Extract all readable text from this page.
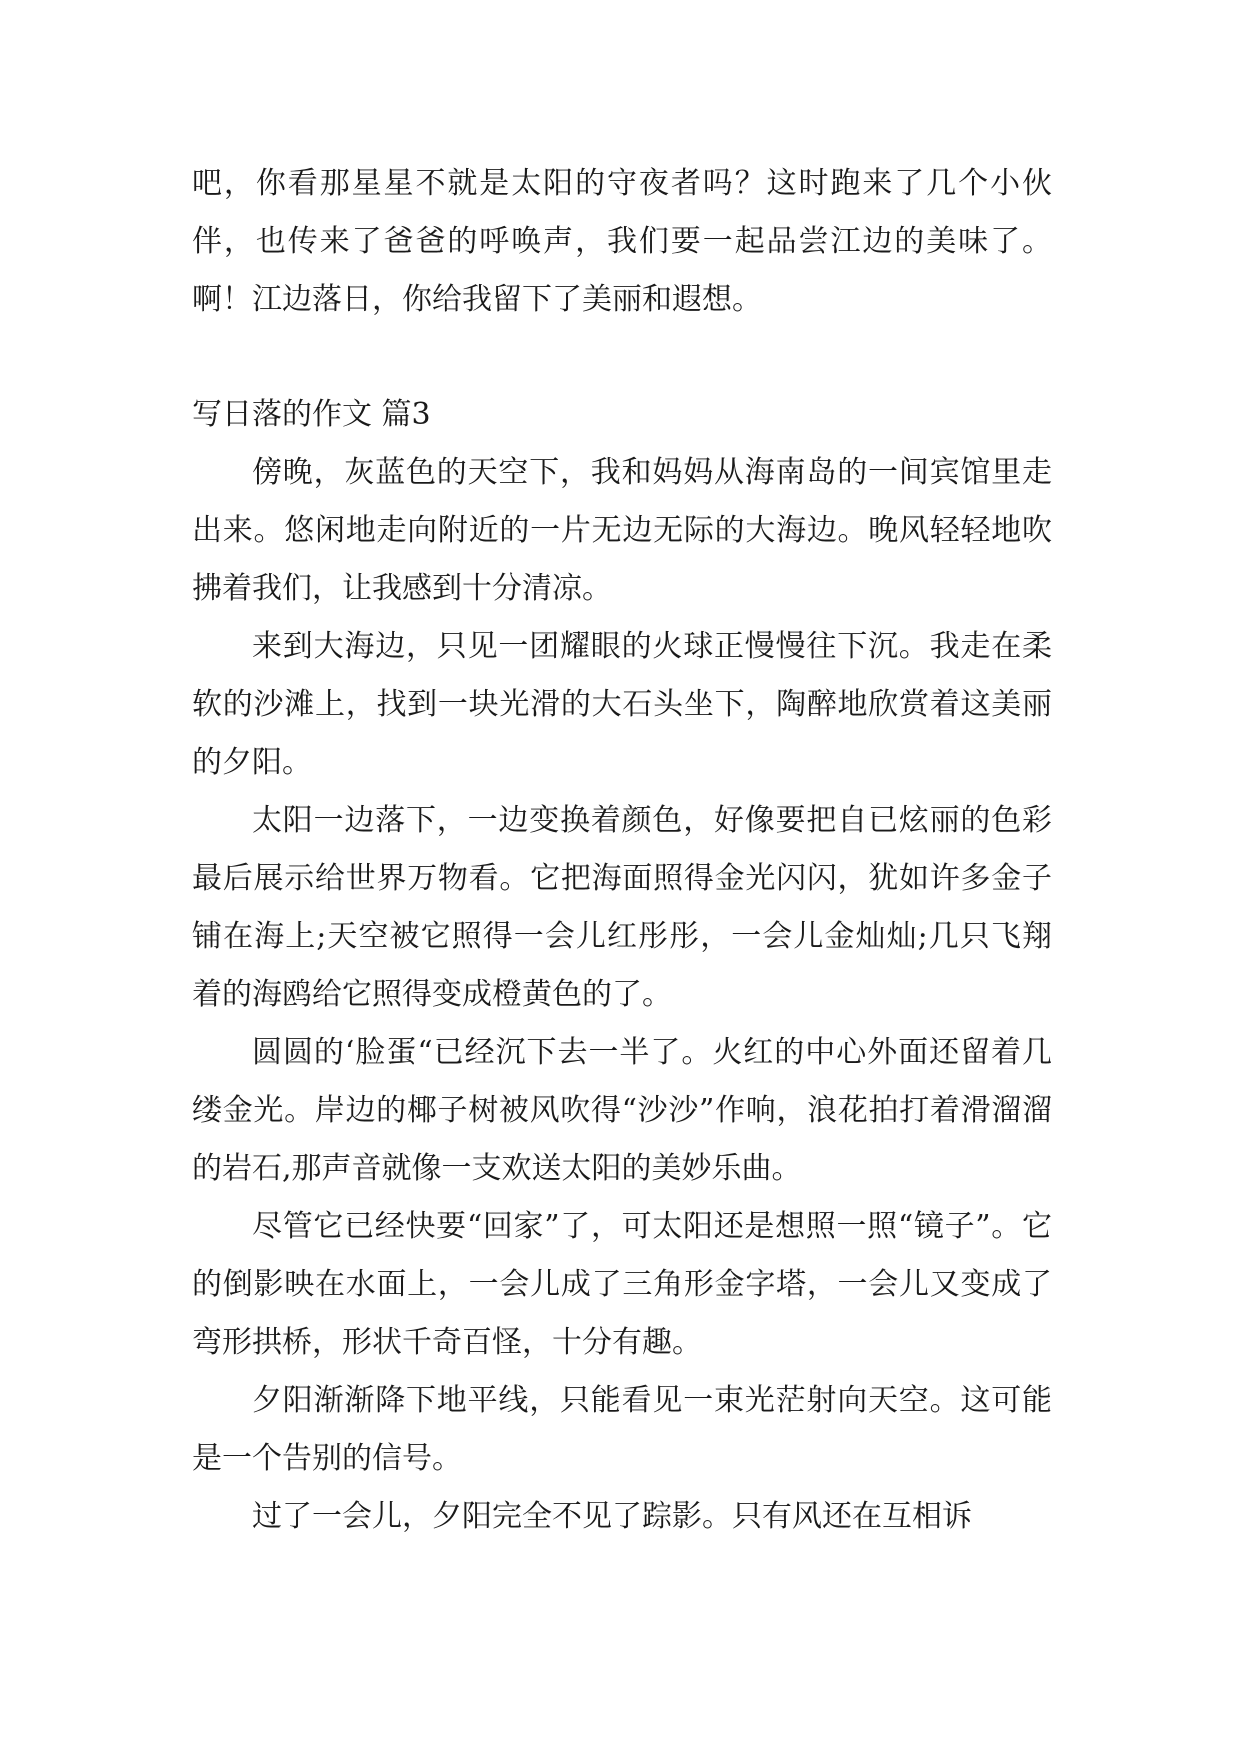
吧，你看那星星不就是太阳的守夜者吗？这时跑来了几个小伙伴，也传来了爸爸的呼唤声，我们要一起品尝江边的美味了。啊！江边落日，你给我留下了美丽和遐想。

写日落的作文 篇3

傍晚，灰蓝色的天空下，我和妈妈从海南岛的一间宾馆里走出来。悠闲地走向附近的一片无边无际的大海边。晚风轻轻地吹拂着我们，让我感到十分清凉。

来到大海边，只见一团耀眼的火球正慢慢往下沉。我走在柔软的沙滩上，找到一块光滑的大石头坐下，陶醉地欣赏着这美丽的夕阳。

太阳一边落下，一边变换着颜色，好像要把自已炫丽的色彩最后展示给世界万物看。它把海面照得金光闪闪，犹如许多金子铺在海上;天空被它照得一会儿红彤彤，一会儿金灿灿;几只飞翔着的海鸥给它照得变成橙黄色的了。

圆圆的‘脸蛋“已经沉下去一半了。火红的中心外面还留着几缕金光。岸边的椰子树被风吹得“沙沙”作响，浪花拍打着滑溜溜的岩石,那声音就像一支欢送太阳的美妙乐曲。

尽管它已经快要“回家”了，可太阳还是想照一照“镜子”。它的倒影映在水面上，一会儿成了三角形金字塔，一会儿又变成了弯形拱桥，形状千奇百怪，十分有趣。

夕阳渐渐降下地平线，只能看见一束光茫射向天空。这可能是一个告别的信号。

过了一会儿，夕阳完全不见了踪影。只有风还在互相诉
